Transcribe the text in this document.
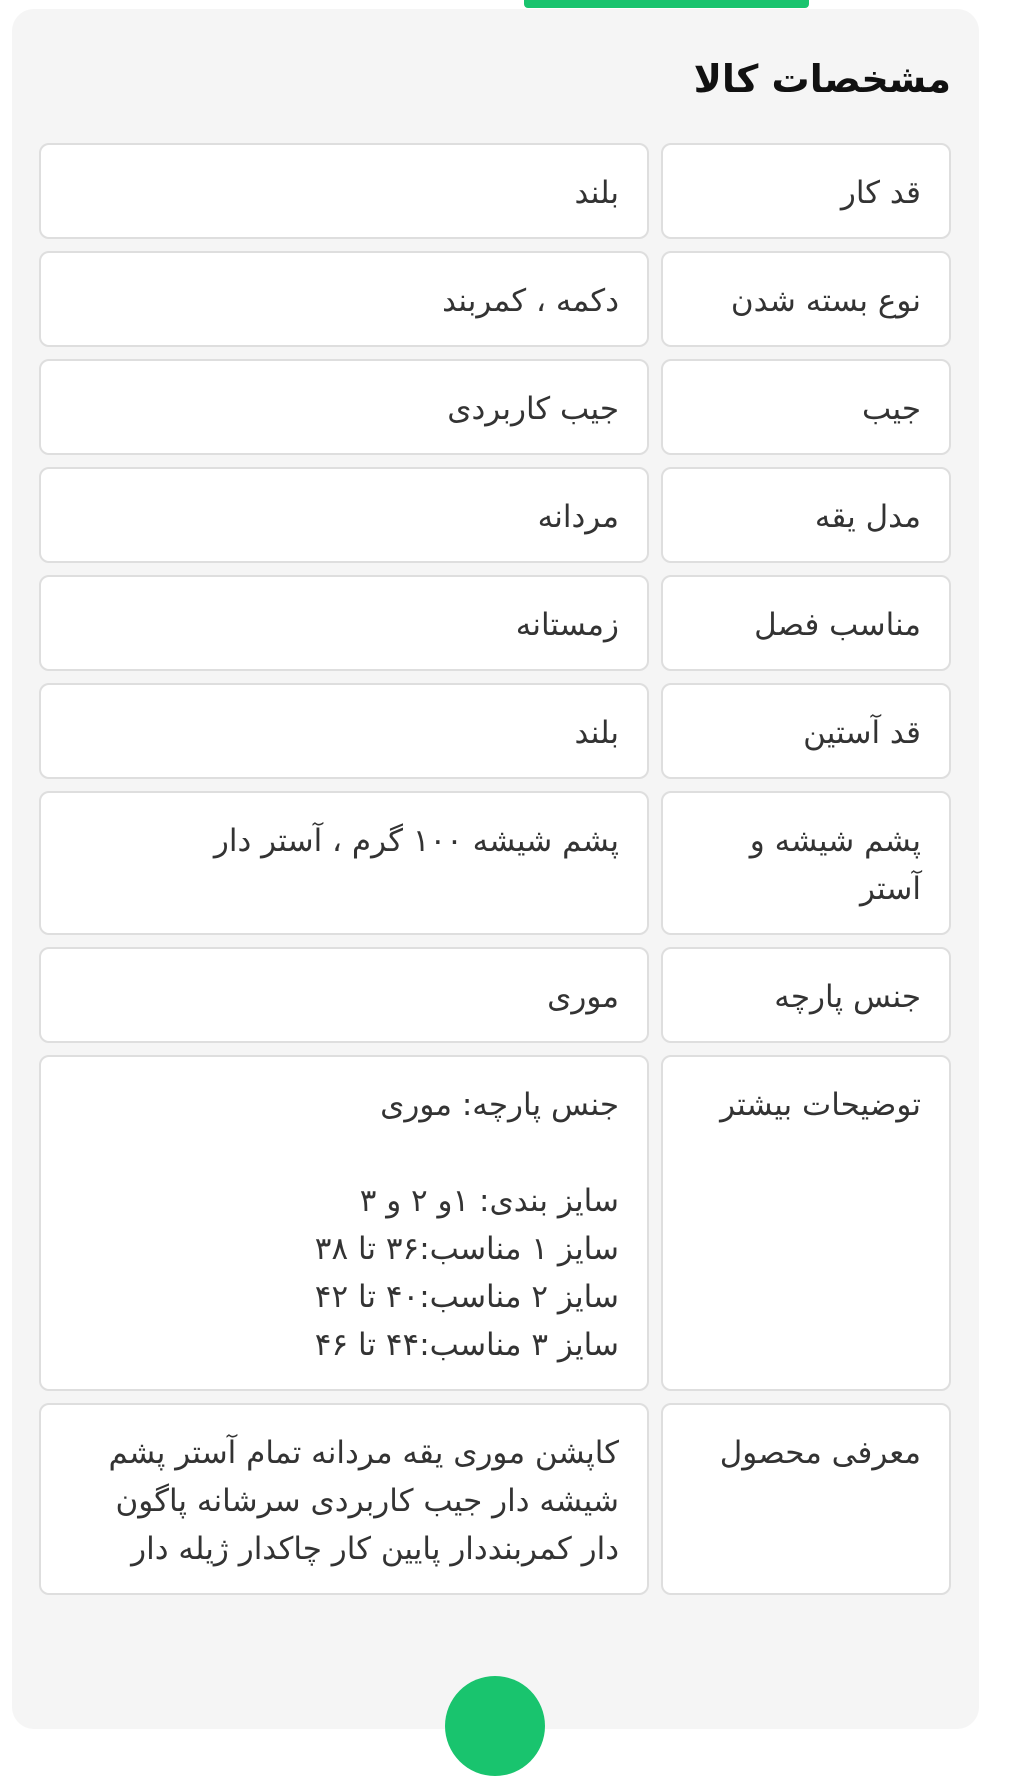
مشخصات کالا
قد کار
بلند
نوع بسته شدن
دکمه ، کمربند
جیب
جیب کاربردی
مدل یقه
مردانه
مناسب فصل
زمستانه
قد آستین
بلند
پشم شیشه و آستر
پشم شیشه ۱۰۰ گرم ، آستر دار
جنس پارچه
موری
توضیحات بیشتر
جنس پارچه: موری

سایز بندی: ۱و ۲ و ۳
سایز ۱ مناسب:۳۶ تا ۳۸
سایز ۲ مناسب:۴۰ تا ۴۲
سایز ۳ مناسب:۴۴ تا ۴۶
معرفی محصول
کاپشن موری یقه مردانه تمام آستر پشم شیشه دار جیب کاربردی سرشانه پاگون دار کمربنددار پایین کار چاکدار ژیله دار
